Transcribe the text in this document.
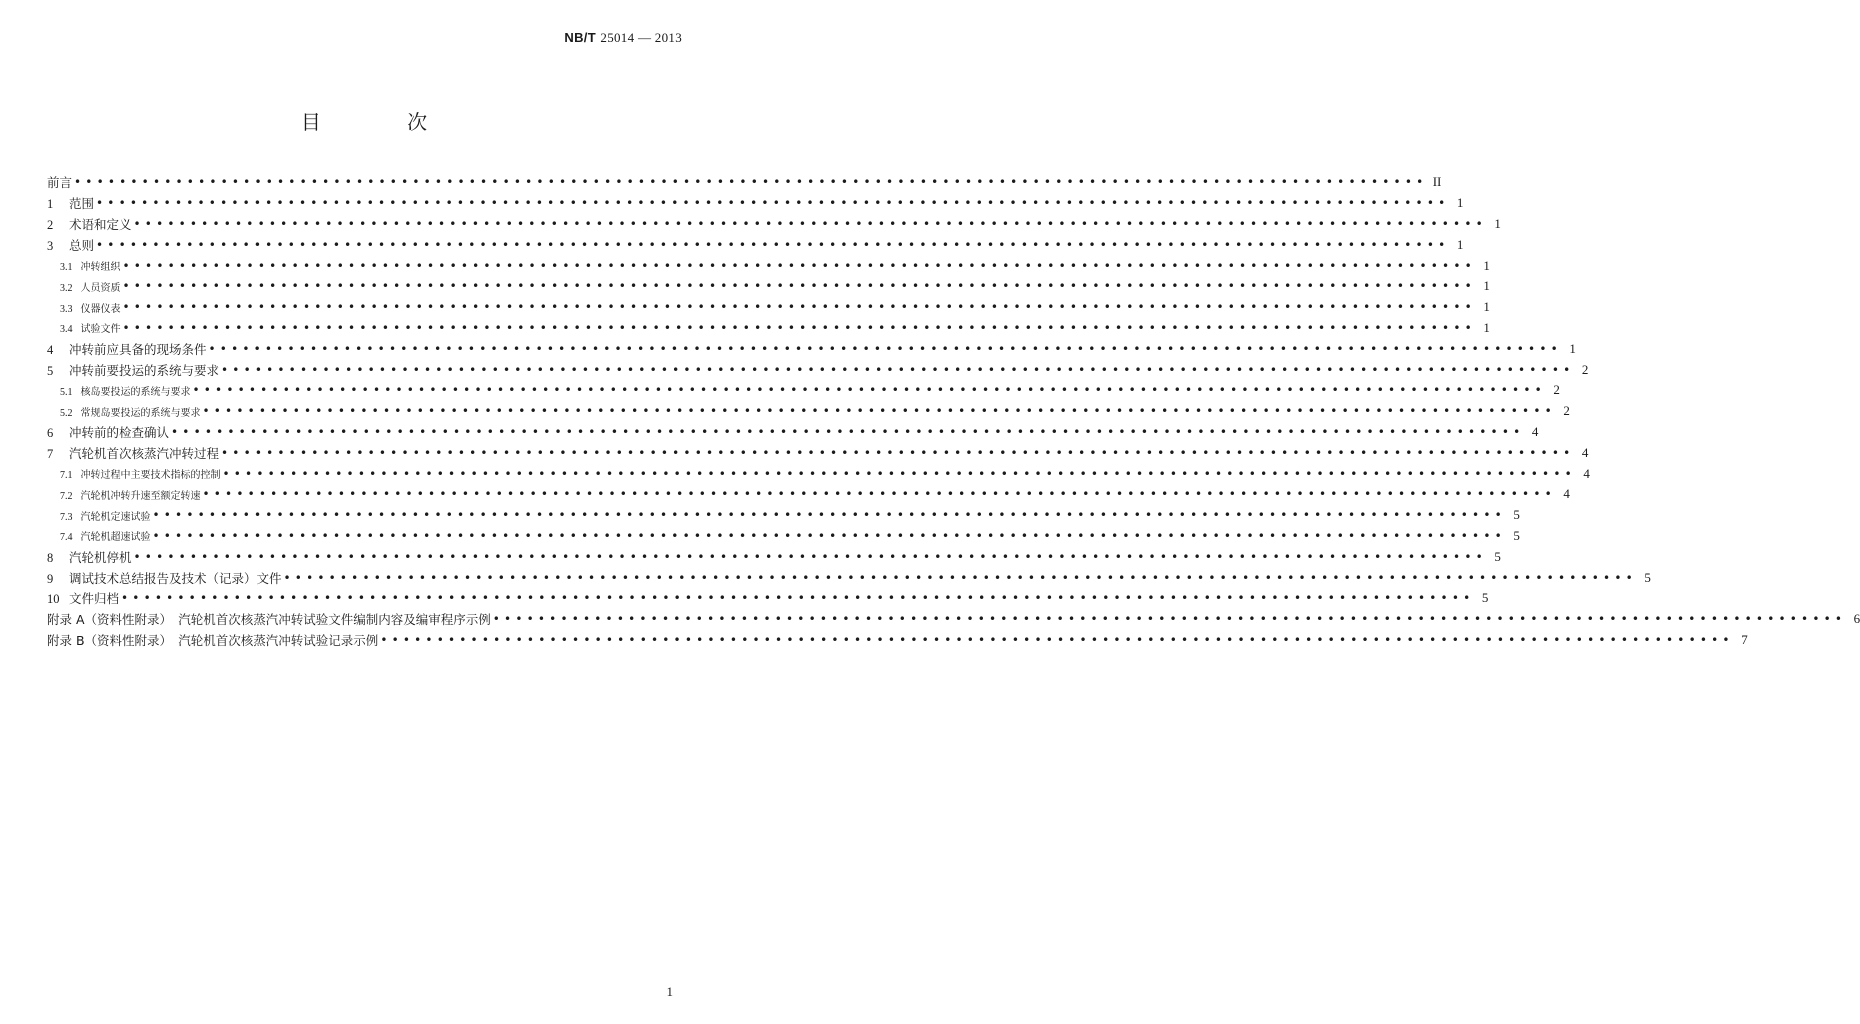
NB/T 25014 — 2013
目 次
前言 •••••••••••••••••••••••••••••••••••••••••••••••••••••••••••••••••••••••••••••••••••••••••••••••••••••••••••••••••••••••• II
1 范围 •••••••••••••••••••••••••••••••••••••••••••••••••••••••••••••••••••••••••••••••••••••••••••••••••••••••••••••••••••••••• 1
2 术语和定义 •••••••••••••••••••••••••••••••••••••••••••••••••••••••••••••••••••••••••••••••••••••••••••••••••••••••••••••••••••••••• 1
3 总则 •••••••••••••••••••••••••••••••••••••••••••••••••••••••••••••••••••••••••••••••••••••••••••••••••••••••••••••••••••••••• 1
3.1 冲转组织 •••••••••••••••••••••••••••••••••••••••••••••••••••••••••••••••••••••••••••••••••••••••••••••••••••••••••••••••••••••••• 1
3.2 人员资质 •••••••••••••••••••••••••••••••••••••••••••••••••••••••••••••••••••••••••••••••••••••••••••••••••••••••••••••••••••••••• 1
3.3 仪器仪表 •••••••••••••••••••••••••••••••••••••••••••••••••••••••••••••••••••••••••••••••••••••••••••••••••••••••••••••••••••••••• 1
3.4 试验文件 •••••••••••••••••••••••••••••••••••••••••••••••••••••••••••••••••••••••••••••••••••••••••••••••••••••••••••••••••••••••• 1
4 冲转前应具备的现场条件 •••••••••••••••••••••••••••••••••••••••••••••••••••••••••••••••••••••••••••••••••••••••••••••••••••••••••••••••••••••••• 1
5 冲转前要投运的系统与要求 •••••••••••••••••••••••••••••••••••••••••••••••••••••••••••••••••••••••••••••••••••••••••••••••••••••••••••••••••••••••• 2
5.1 核岛要投运的系统与要求 •••••••••••••••••••••••••••••••••••••••••••••••••••••••••••••••••••••••••••••••••••••••••••••••••••••••••••••••••••••••• 2
5.2 常规岛要投运的系统与要求 •••••••••••••••••••••••••••••••••••••••••••••••••••••••••••••••••••••••••••••••••••••••••••••••••••••••••••••••••••••••• 2
6 冲转前的检查确认 •••••••••••••••••••••••••••••••••••••••••••••••••••••••••••••••••••••••••••••••••••••••••••••••••••••••••••••••••••••••• 4
7 汽轮机首次核蒸汽冲转过程 •••••••••••••••••••••••••••••••••••••••••••••••••••••••••••••••••••••••••••••••••••••••••••••••••••••••••••••••••••••••• 4
7.1 冲转过程中主要技术指标的控制 •••••••••••••••••••••••••••••••••••••••••••••••••••••••••••••••••••••••••••••••••••••••••••••••••••••••••••••••••••••••• 4
7.2 汽轮机冲转升速至额定转速 •••••••••••••••••••••••••••••••••••••••••••••••••••••••••••••••••••••••••••••••••••••••••••••••••••••••••••••••••••••••• 4
7.3 汽轮机定速试验 •••••••••••••••••••••••••••••••••••••••••••••••••••••••••••••••••••••••••••••••••••••••••••••••••••••••••••••••••••••••• 5
7.4 汽轮机超速试验 •••••••••••••••••••••••••••••••••••••••••••••••••••••••••••••••••••••••••••••••••••••••••••••••••••••••••••••••••••••••• 5
8 汽轮机停机 •••••••••••••••••••••••••••••••••••••••••••••••••••••••••••••••••••••••••••••••••••••••••••••••••••••••••••••••••••••••• 5
9 调试技术总结报告及技术（记录）文件 •••••••••••••••••••••••••••••••••••••••••••••••••••••••••••••••••••••••••••••••••••••••••••••••••••••••••••••••••••••••• 5
10 文件归档 •••••••••••••••••••••••••••••••••••••••••••••••••••••••••••••••••••••••••••••••••••••••••••••••••••••••••••••••••••••••• 5
附录 A（资料性附录）　汽轮机首次核蒸汽冲转试验文件编制内容及编审程序示例 •••••••••••••••••••••••••••••••••••••••••••••••••••••••••••••••••••••••••••••••••••••••••••••••••••••••••••••••••••••••• 6
附录 B（资料性附录）　汽轮机首次核蒸汽冲转试验记录示例 •••••••••••••••••••••••••••••••••••••••••••••••••••••••••••••••••••••••••••••••••••••••••••••••••••••••••••••••••••••••• 7
1
